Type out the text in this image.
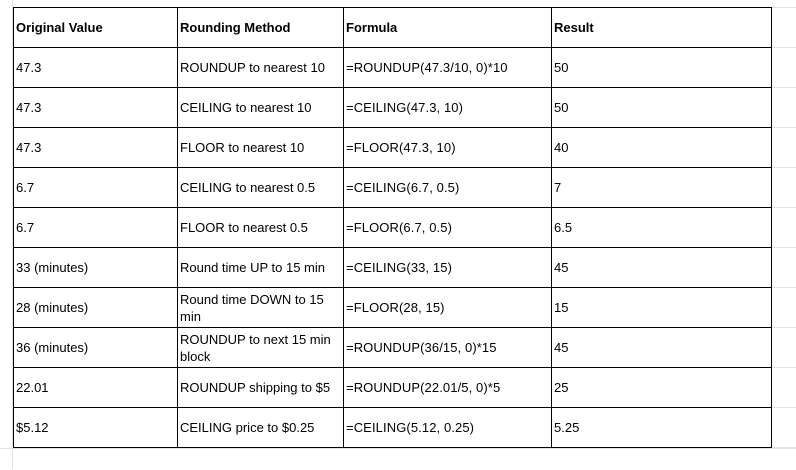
Original Value	Rounding Method	Formula	Result
47.3	ROUNDUP to nearest 10	=ROUNDUP(47.3/10, 0)*10	50
47.3	CEILING to nearest 10	=CEILING(47.3, 10)	50
47.3	FLOOR to nearest 10	=FLOOR(47.3, 10)	40
6.7	CEILING to nearest 0.5	=CEILING(6.7, 0.5)	7
6.7	FLOOR to nearest 0.5	=FLOOR(6.7, 0.5)	6.5
33 (minutes)	Round time UP to 15 min	=CEILING(33, 15)	45
28 (minutes)	Round time DOWN to 15 min	=FLOOR(28, 15)	15
36 (minutes)	ROUNDUP to next 15 min block	=ROUNDUP(36/15, 0)*15	45
22.01	ROUNDUP shipping to $5	=ROUNDUP(22.01/5, 0)*5	25
$5.12	CEILING price to $0.25	=CEILING(5.12, 0.25)	5.25
